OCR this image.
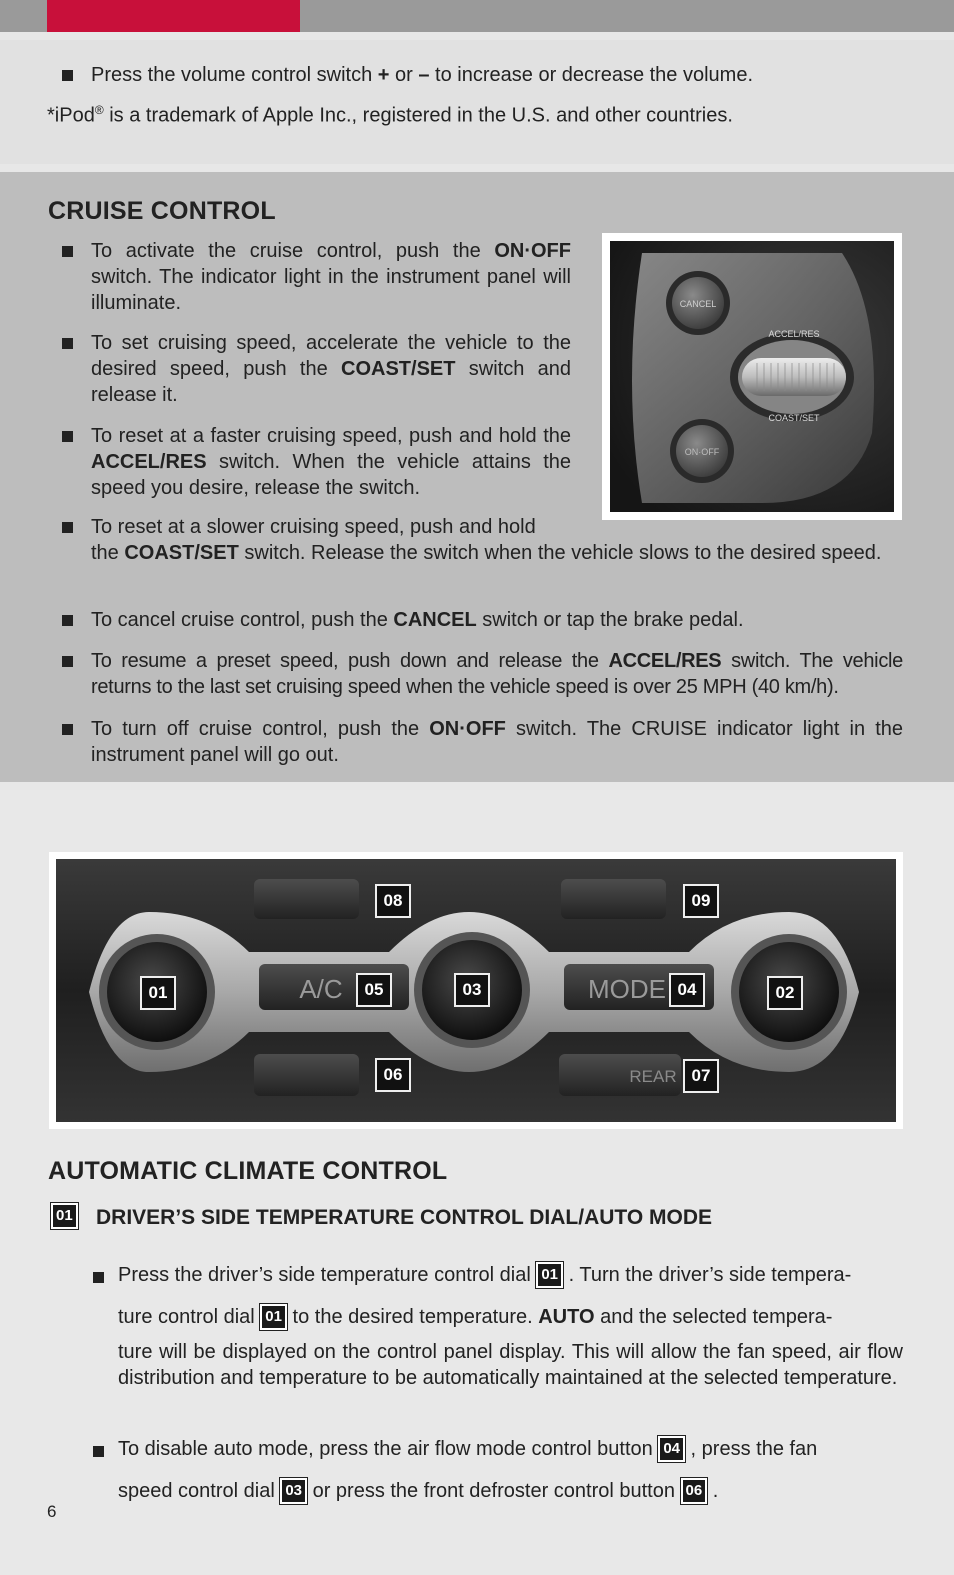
Press the volume control switch + or – to increase or decrease the volume.
*iPod® is a trademark of Apple Inc., registered in the U.S. and other countries.
CRUISE CONTROL
To activate the cruise control, push the ON·OFF switch. The indicator light in the instrument panel will illuminate.
To set cruising speed, accelerate the vehicle to the desired speed, push the COAST/SET switch and release it.
To reset at a faster cruising speed, push and hold the ACCEL/RES switch. When the vehicle attains the speed you desire, release the switch.
To reset at a slower cruising speed, push and hold
the COAST/SET switch. Release the switch when the vehicle slows to the desired speed.
To cancel cruise control, push the CANCEL switch or tap the brake pedal.
To resume a preset speed, push down and release the ACCEL/RES switch. The vehicle returns to the last set cruising speed when the vehicle speed is over 25 MPH (40 km/h).
To turn off cruise control, push the ON·OFF switch. The CRUISE indicator light in the instrument panel will go out.
CANCEL
ACCEL/RES
COAST/SET
ON·OFF
A/C	MODE
REAR
01	02
03	04
05
06	07
08	09
AUTOMATIC CLIMATE CONTROL
01 DRIVER’S SIDE TEMPERATURE CONTROL DIAL/AUTO MODE
Press the driver’s side temperature control dial 01 . Turn the driver’s side tempera-
ture control dial 01 to the desired temperature. AUTO and the selected tempera-
ture will be displayed on the control panel display. This will allow the fan speed, air flow distribution and temperature to be automatically maintained at the selected temperature.
To disable auto mode, press the air flow mode control button 04 , press the fan
speed control dial 03 or press the front defroster control button 06 .
6
